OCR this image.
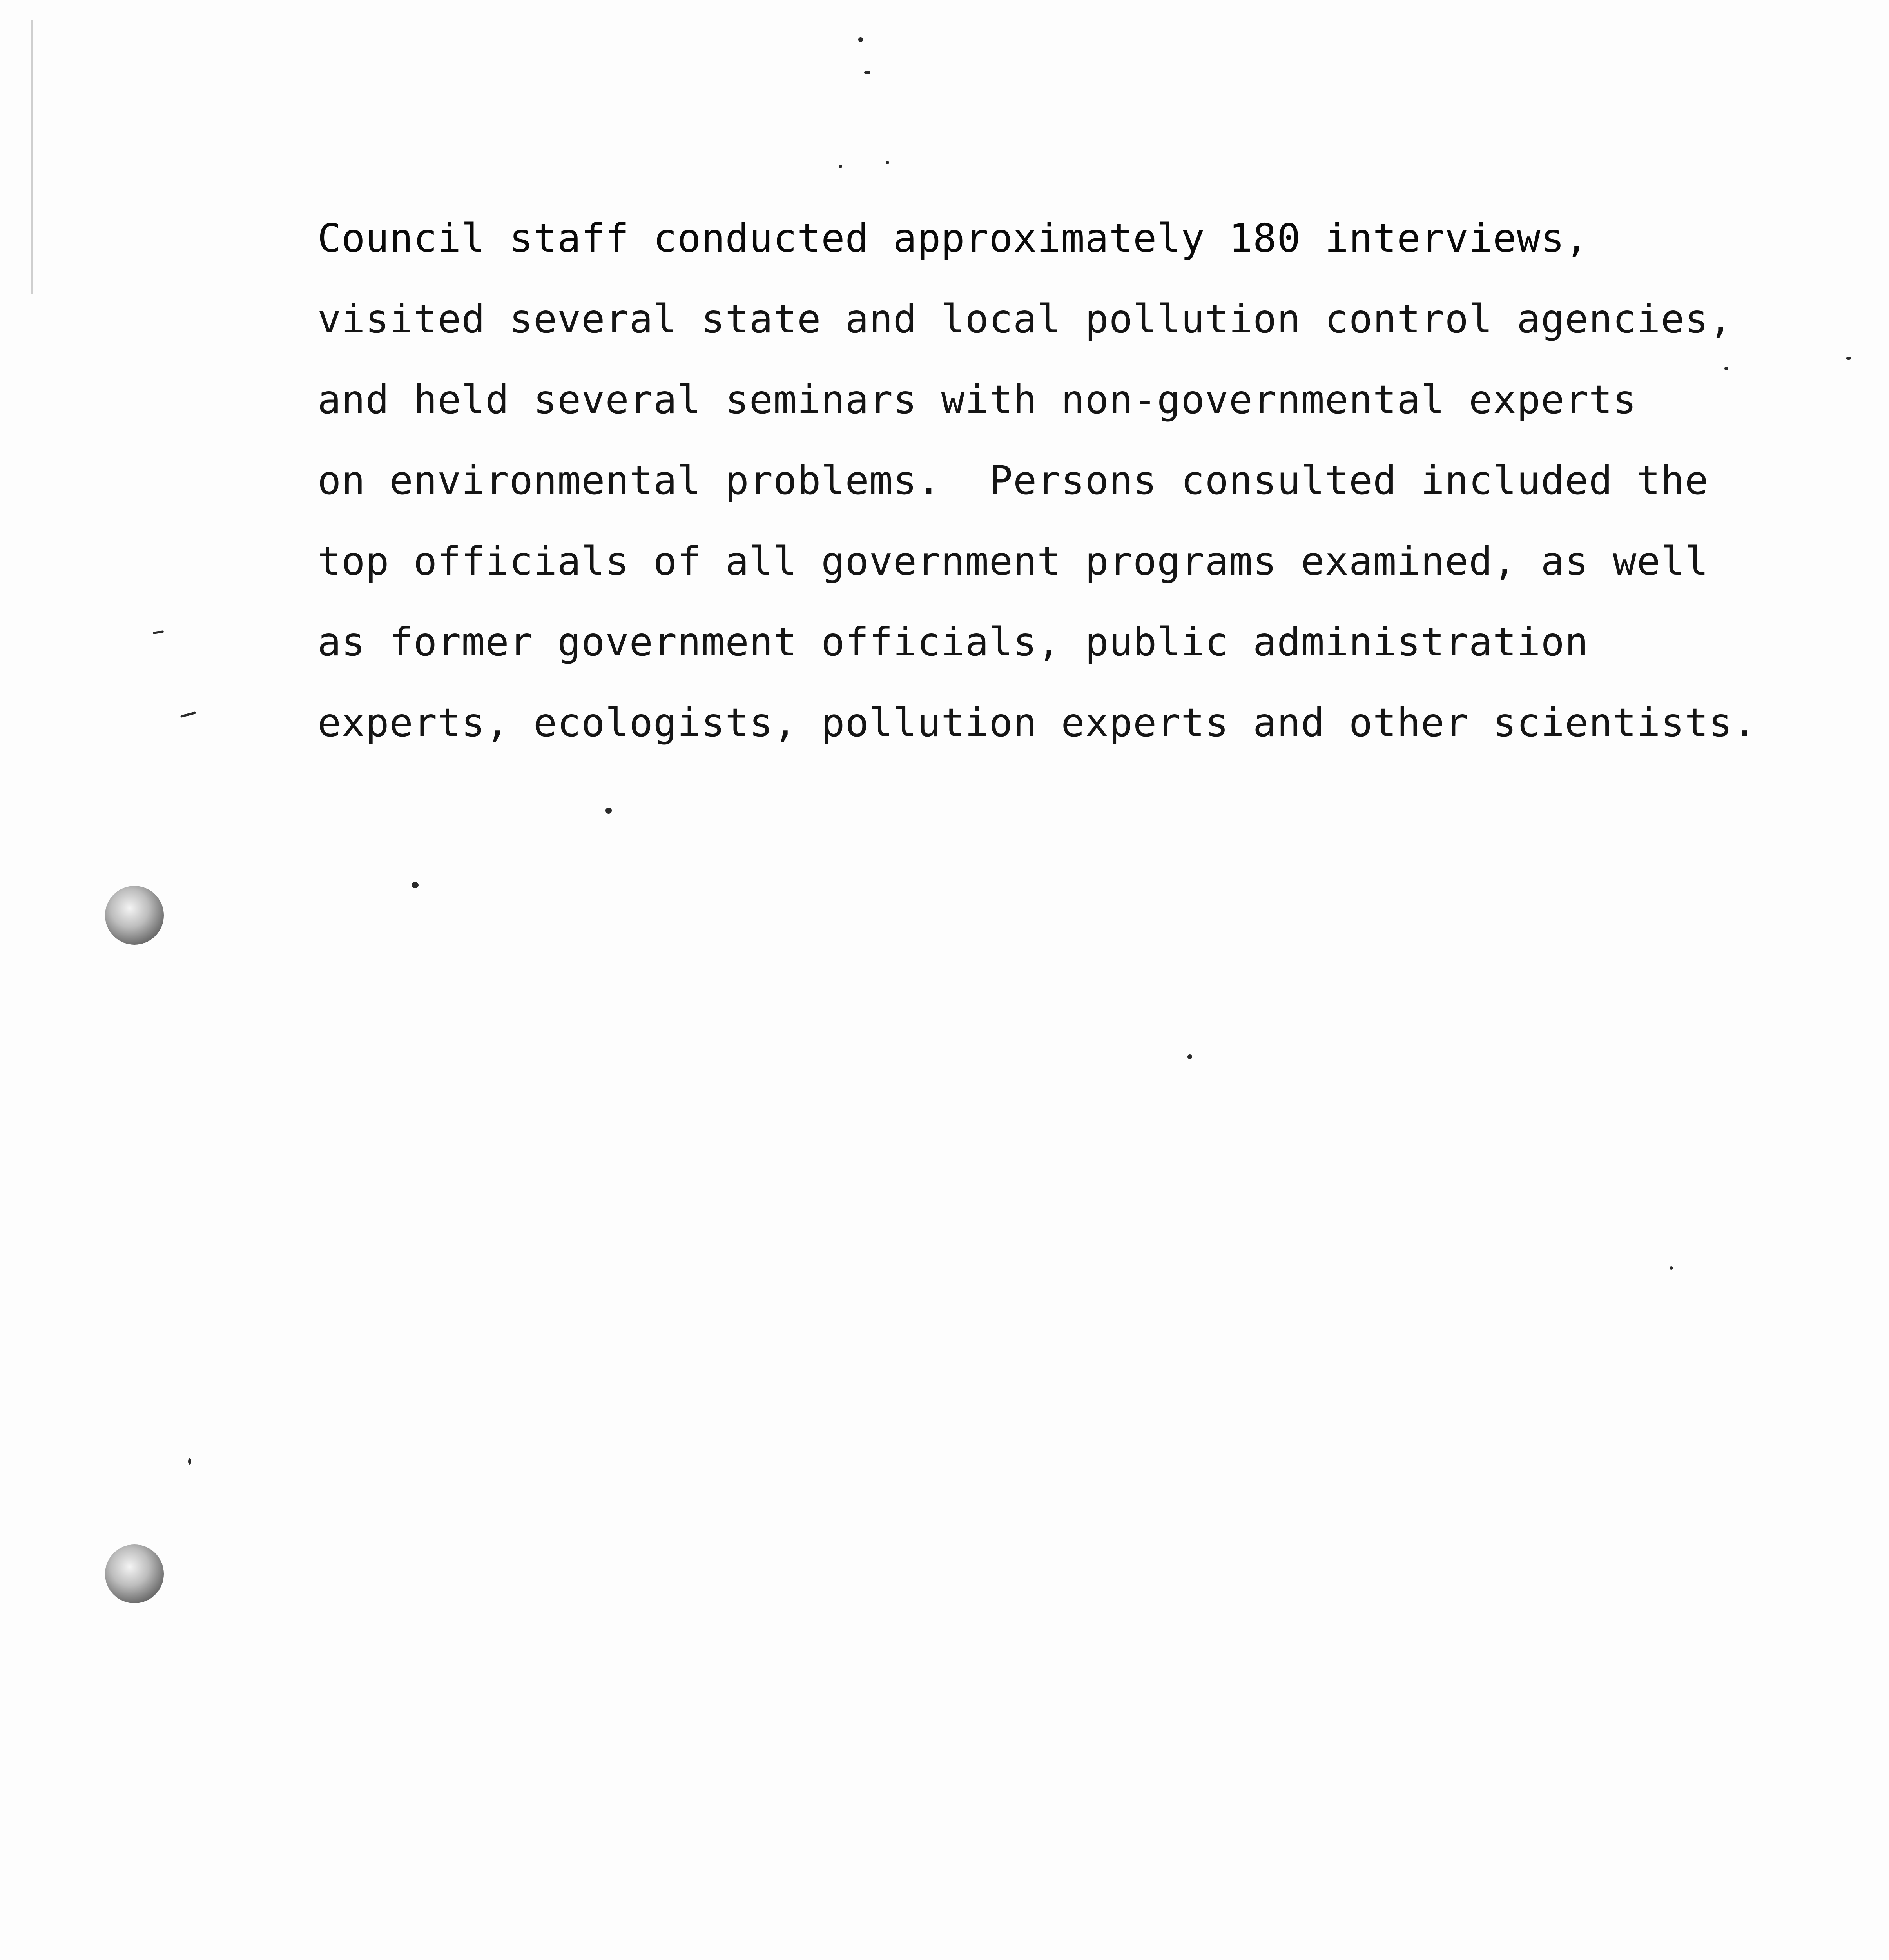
Council staff conducted approximately 180 interviews,
visited several state and local pollution control agencies,
and held several seminars with non-governmental experts
on environmental problems.  Persons consulted included the
top officials of all government programs examined, as well
as former government officials, public administration
experts, ecologists, pollution experts and other scientists.
